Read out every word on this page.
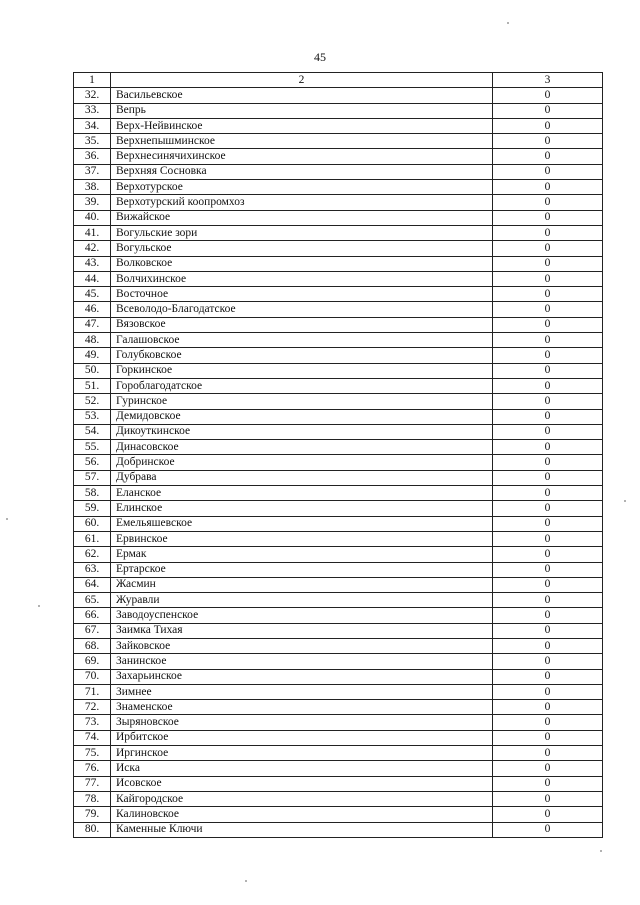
45
1	2	3
32.	Васильевское	0
33.	Вепрь	0
34.	Верх-Нейвинское	0
35.	Верхнепышминское	0
36.	Верхнесинячихинское	0
37.	Верхняя Сосновка	0
38.	Верхотурское	0
39.	Верхотурский коопромхоз	0
40.	Вижайское	0
41.	Вогульские зори	0
42.	Вогульское	0
43.	Волковское	0
44.	Волчихинское	0
45.	Восточное	0
46.	Всеволодо-Благодатское	0
47.	Вязовское	0
48.	Галашовское	0
49.	Голубковское	0
50.	Горкинское	0
51.	Гороблагодатское	0
52.	Гуринское	0
53.	Демидовское	0
54.	Дикоуткинское	0
55.	Динасовское	0
56.	Добринское	0
57.	Дубрава	0
58.	Еланское	0
59.	Елинское	0
60.	Емельяшевское	0
61.	Ервинское	0
62.	Ермак	0
63.	Ертарское	0
64.	Жасмин	0
65.	Журавли	0
66.	Заводоуспенское	0
67.	Заимка Тихая	0
68.	Зайковское	0
69.	Занинское	0
70.	Захарьинское	0
71.	Зимнее	0
72.	Знаменское	0
73.	Зыряновское	0
74.	Ирбитское	0
75.	Иргинское	0
76.	Иска	0
77.	Исовское	0
78.	Кайгородское	0
79.	Калиновское	0
80.	Каменные Ключи	0
